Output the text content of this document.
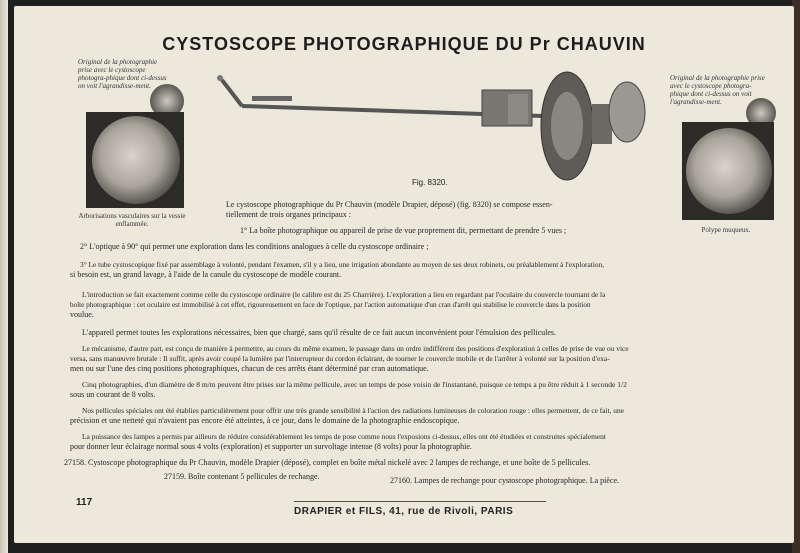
CYSTOSCOPE PHOTOGRAPHIQUE DU Pr CHAUVIN
Original de la photographie prise avec le cystoscope photogra-phique dont ci-dessus on voit l'agrandisse-ment.
Arborisations vasculaires sur la vessie enflammée.
Fig. 8320.
Original de la photographie prise avec le cystoscope photogra-phique dont ci-dessus on voit l'agrandisse-ment.
Polype muqueux.
Le cystoscope photographique du Pr Chauvin (modèle Drapier, déposé) (fig. 8320) se compose essen-
tiellement de trois organes principaux :
1° La boîte photographique ou appareil de prise de vue proprement dit, permettant de prendre 5 vues ;
2° L'optique à 90° qui permet une exploration dans les conditions analogues à celle du cystoscope ordinaire ;
3° Le tube cystoscopique fixé par assemblage à volonté, pendant l'examen, s'il y a lieu, une irrigation abondante au moyen de ses deux robinets, ou préalablement à l'exploration,
si besoin est, un grand lavage, à l'aide de la canule du cystoscope de modèle courant.
L'introduction se fait exactement comme celle du cystoscope ordinaire (le calibre est du 25 Charrière). L'exploration a lieu en regardant par l'oculaire du couvercle tournant de la
boîte photographique : cet oculaire est immobilisé à cet effet, rigoureusement en face de l'optique, par l'action automatique d'un cran d'arrêt qui stabilise le couvercle dans la position
voulue.
L'appareil permet toutes les explorations nécessaires, bien que chargé, sans qu'il résulte de ce fait aucun inconvénient pour l'émulsion des pellicules.
Le mécanisme, d'autre part, est conçu de manière à permettre, au cours du même examen, le passage dans un ordre indifférent des positions d'exploration à celles de prise de vue ou vice
versa, sans manœuvre brutale : Il suffit, après avoir coupé la lumière par l'interrupteur du cordon éclairant, de tourner le couvercle mobile et de l'arrêter à volonté sur la position d'exa-
men ou sur l'une des cinq positions photographiques, chacun de ces arrêts étant déterminé par cran automatique.
Cinq photographies, d'un diamètre de 8 m/m peuvent être prises sur la même pellicule, avec un temps de pose voisin de l'instantané, puisque ce temps a pu être réduit à 1 seconde 1/2
sous un courant de 8 volts.
Nos pellicules spéciales ont été établies particulièrement pour offrir une très grande sensibilité à l'action des radiations lumineuses de coloration rouge : elles permettent, de ce fait, une
précision et une netteté qui n'avaient pas encore été atteintes, à ce jour, dans le domaine de la photographie endoscopique.
La puissance des lampes a permis par ailleurs de réduire considérablement les temps de pose comme nous l'exposions ci-dessus, elles ont été étudiées et construites spécialement
pour donner leur éclairage normal sous 4 volts (exploration) et supporter un survoltage intense (8 volts) pour la photographie.
27158. Cystoscope photographique du Pr Chauvin, modèle Drapier (déposé), complet en boîte métal nickelé avec 2 lampes de rechange, et une boîte de 5 pellicules.
27159. Boîte contenant 5 pellicules de rechange.	27160. Lampes de rechange pour cystoscope photographique. La pièce.
117
DRAPIER et FILS, 41, rue de Rivoli, PARIS
